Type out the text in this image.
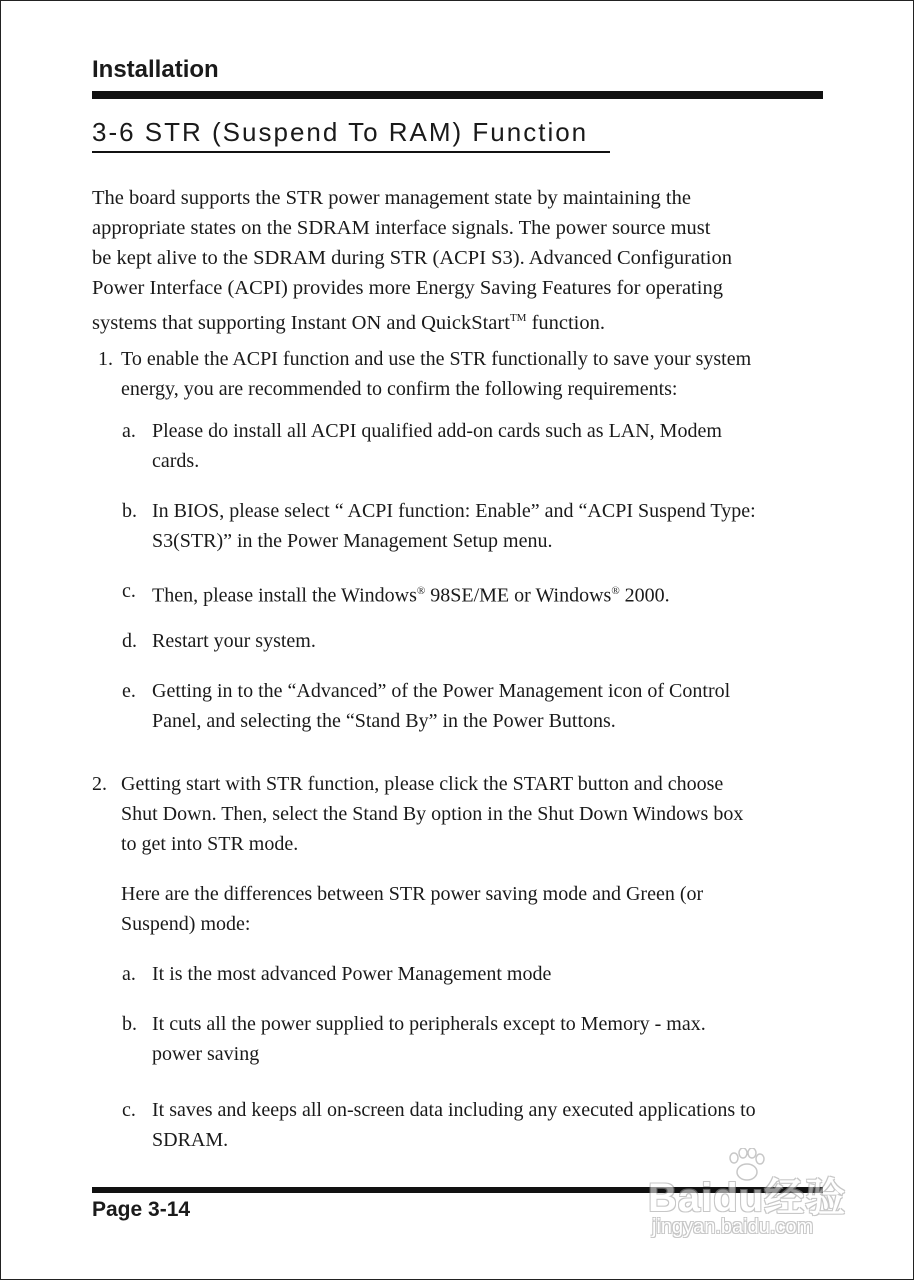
Installation
3-6 STR (Suspend To RAM) Function
The board supports the STR power management state by maintaining the
appropriate states on the SDRAM interface signals. The power source must
be kept alive to the SDRAM during STR (ACPI S3). Advanced Configuration
Power Interface (ACPI) provides more Energy Saving Features for operating
systems that supporting Instant ON and QuickStart™ function.
1. To enable the ACPI function and use the STR functionally to save your system
energy, you are recommended to confirm the following requirements:
a. Please do install all ACPI qualified add-on cards such as LAN, Modem
cards.
b. In BIOS, please select “ ACPI function: Enable” and “ACPI Suspend Type:
S3(STR)” in the Power Management Setup menu.
c. Then, please install the Windows® 98SE/ME or Windows® 2000.
d. Restart your system.
e. Getting in to the “Advanced” of the Power Management icon of Control
Panel, and selecting the “Stand By” in the Power Buttons.
2. Getting start with STR function, please click the START button and choose
Shut Down. Then, select the Stand By option in the Shut Down Windows box
to get into STR mode.
Here are the differences between STR power saving mode and Green (or
Suspend) mode:
a. It is the most advanced Power Management mode
b. It cuts all the power supplied to peripherals except to Memory - max.
power saving
c. It saves and keeps all on-screen data including any executed applications to
SDRAM.
Page 3-14	Baidu经验
jingyan.baidu.com
